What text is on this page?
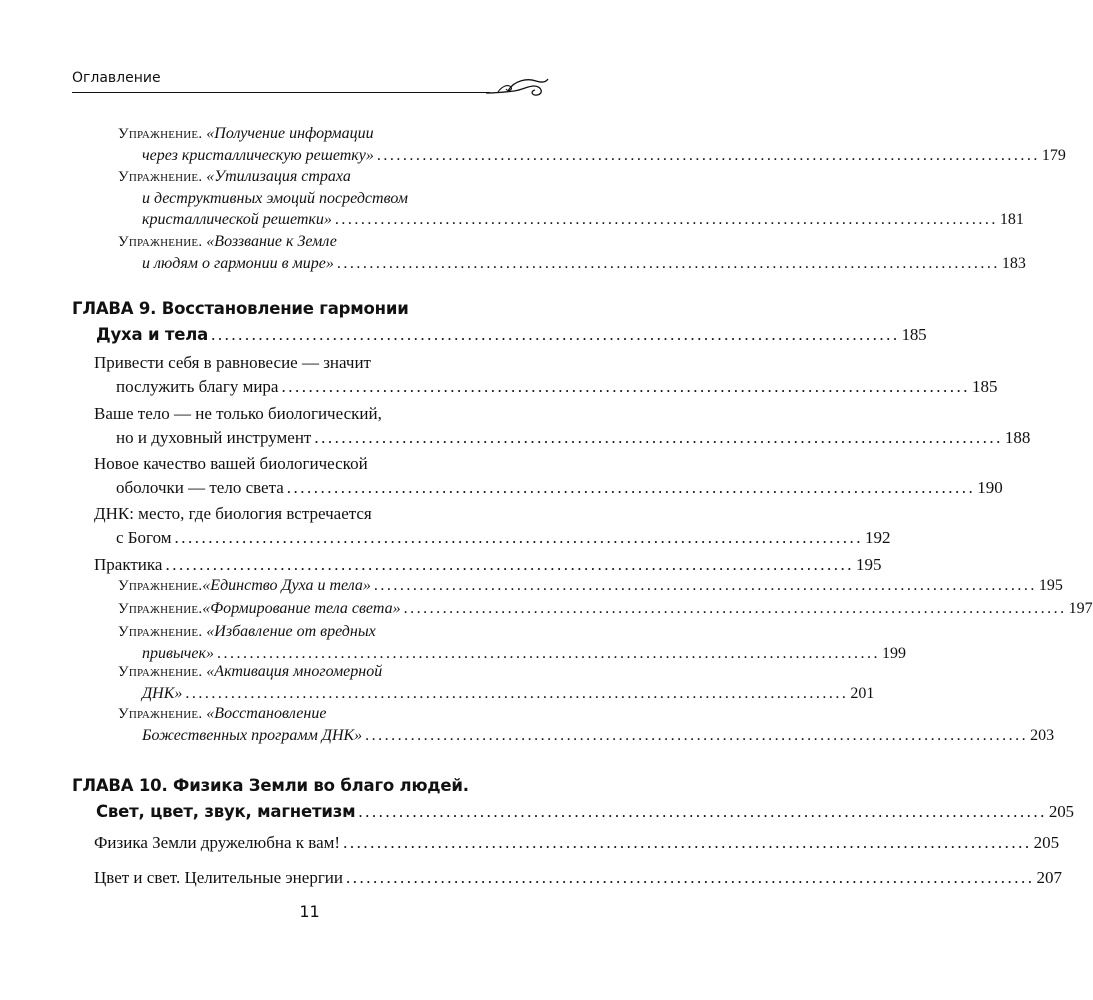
Оглавление
Упражнение. «Получение информации
через кристаллическую решетку» ...................................................................................................... 179
Упражнение. «Утилизация страха
и деструктивных эмоций посредством
кристаллической решетки» ...................................................................................................... 181
Упражнение. «Воззвание к Земле
и людям о гармонии в мире» ...................................................................................................... 183
ГЛАВА 9. Восстановление гармонии
Духа и тела ...................................................................................................... 185
Привести себя в равновесие — значит
послужить благу мира ...................................................................................................... 185
Ваше тело — не только биологический,
но и духовный инструмент ...................................................................................................... 188
Новое качество вашей биологической
оболочки — тело света ...................................................................................................... 190
ДНК: место, где биология встречается
с Богом ...................................................................................................... 192
Практика ...................................................................................................... 195
Упражнение. «Единство Духа и тела» ...................................................................................................... 195
Упражнение. «Формирование тела света» ...................................................................................................... 197
Упражнение. «Избавление от вредных
привычек» ...................................................................................................... 199
Упражнение. «Активация многомерной
ДНК» ...................................................................................................... 201
Упражнение. «Восстановление
Божественных программ ДНК» ...................................................................................................... 203
ГЛАВА 10. Физика Земли во благо людей.
Свет, цвет, звук, магнетизм ...................................................................................................... 205
Физика Земли дружелюбна к вам! ...................................................................................................... 205
Цвет и свет. Целительные энергии ...................................................................................................... 207
11
